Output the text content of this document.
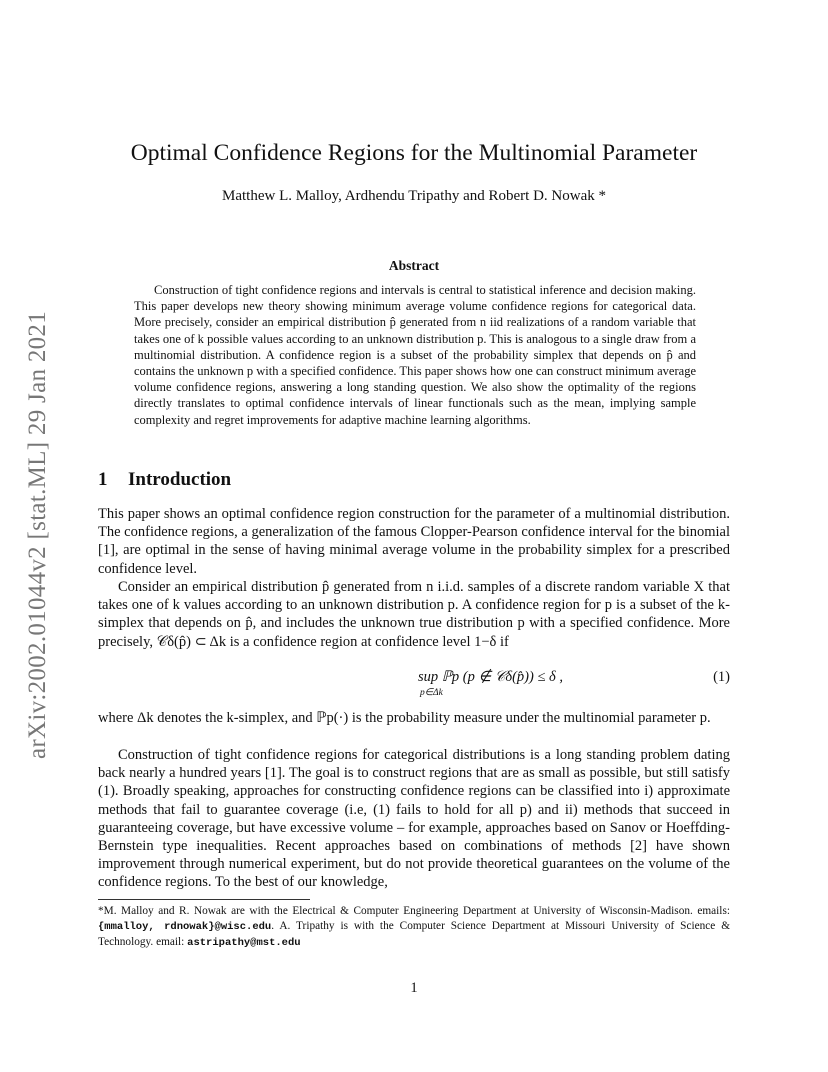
arXiv:2002.01044v2 [stat.ML] 29 Jan 2021
Optimal Confidence Regions for the Multinomial Parameter
Matthew L. Malloy, Ardhendu Tripathy and Robert D. Nowak *
Abstract
Construction of tight confidence regions and intervals is central to statistical inference and decision making. This paper develops new theory showing minimum average volume confidence regions for categorical data. More precisely, consider an empirical distribution p̂ generated from n iid realizations of a random variable that takes one of k possible values according to an unknown distribution p. This is analogous to a single draw from a multinomial distribution. A confidence region is a subset of the probability simplex that depends on p̂ and contains the unknown p with a specified confidence. This paper shows how one can construct minimum average volume confidence regions, answering a long standing question. We also show the optimality of the regions directly translates to optimal confidence intervals of linear functionals such as the mean, implying sample complexity and regret improvements for adaptive machine learning algorithms.
1 Introduction

This paper shows an optimal confidence region construction for the parameter of a multinomial distribution. The confidence regions, a generalization of the famous Clopper-Pearson confidence interval for the binomial [1], are optimal in the sense of having minimal average volume in the probability simplex for a prescribed confidence level.

Consider an empirical distribution p̂ generated from n i.i.d. samples of a discrete random variable X that takes one of k values according to an unknown distribution p. A confidence region for p is a subset of the k-simplex that depends on p̂, and includes the unknown true distribution p with a specified confidence. More precisely, 𝒞δ(p̂) ⊂ Δk is a confidence region at confidence level 1−δ if

sup ℙp (p ∉ 𝒞δ(p̂)) ≤ δ ,
p∈Δk
(1)

where Δk denotes the k-simplex, and ℙp(·) is the probability measure under the multinomial parameter p.

Construction of tight confidence regions for categorical distributions is a long standing problem dating back nearly a hundred years [1]. The goal is to construct regions that are as small as possible, but still satisfy (1). Broadly speaking, approaches for constructing confidence regions can be classified into i) approximate methods that fail to guarantee coverage (i.e, (1) fails to hold for all p) and ii) methods that succeed in guaranteeing coverage, but have excessive volume – for example, approaches based on Sanov or Hoeffding-Bernstein type inequalities. Recent approaches based on combinations of methods [2] have shown improvement through numerical experiment, but do not provide theoretical guarantees on the volume of the confidence regions. To the best of our knowledge,

*M. Malloy and R. Nowak are with the Electrical & Computer Engineering Department at University of Wisconsin-Madison. emails: {mmalloy, rdnowak}@wisc.edu. A. Tripathy is with the Computer Science Department at Missouri University of Science & Technology. email: astripathy@mst.edu

1
